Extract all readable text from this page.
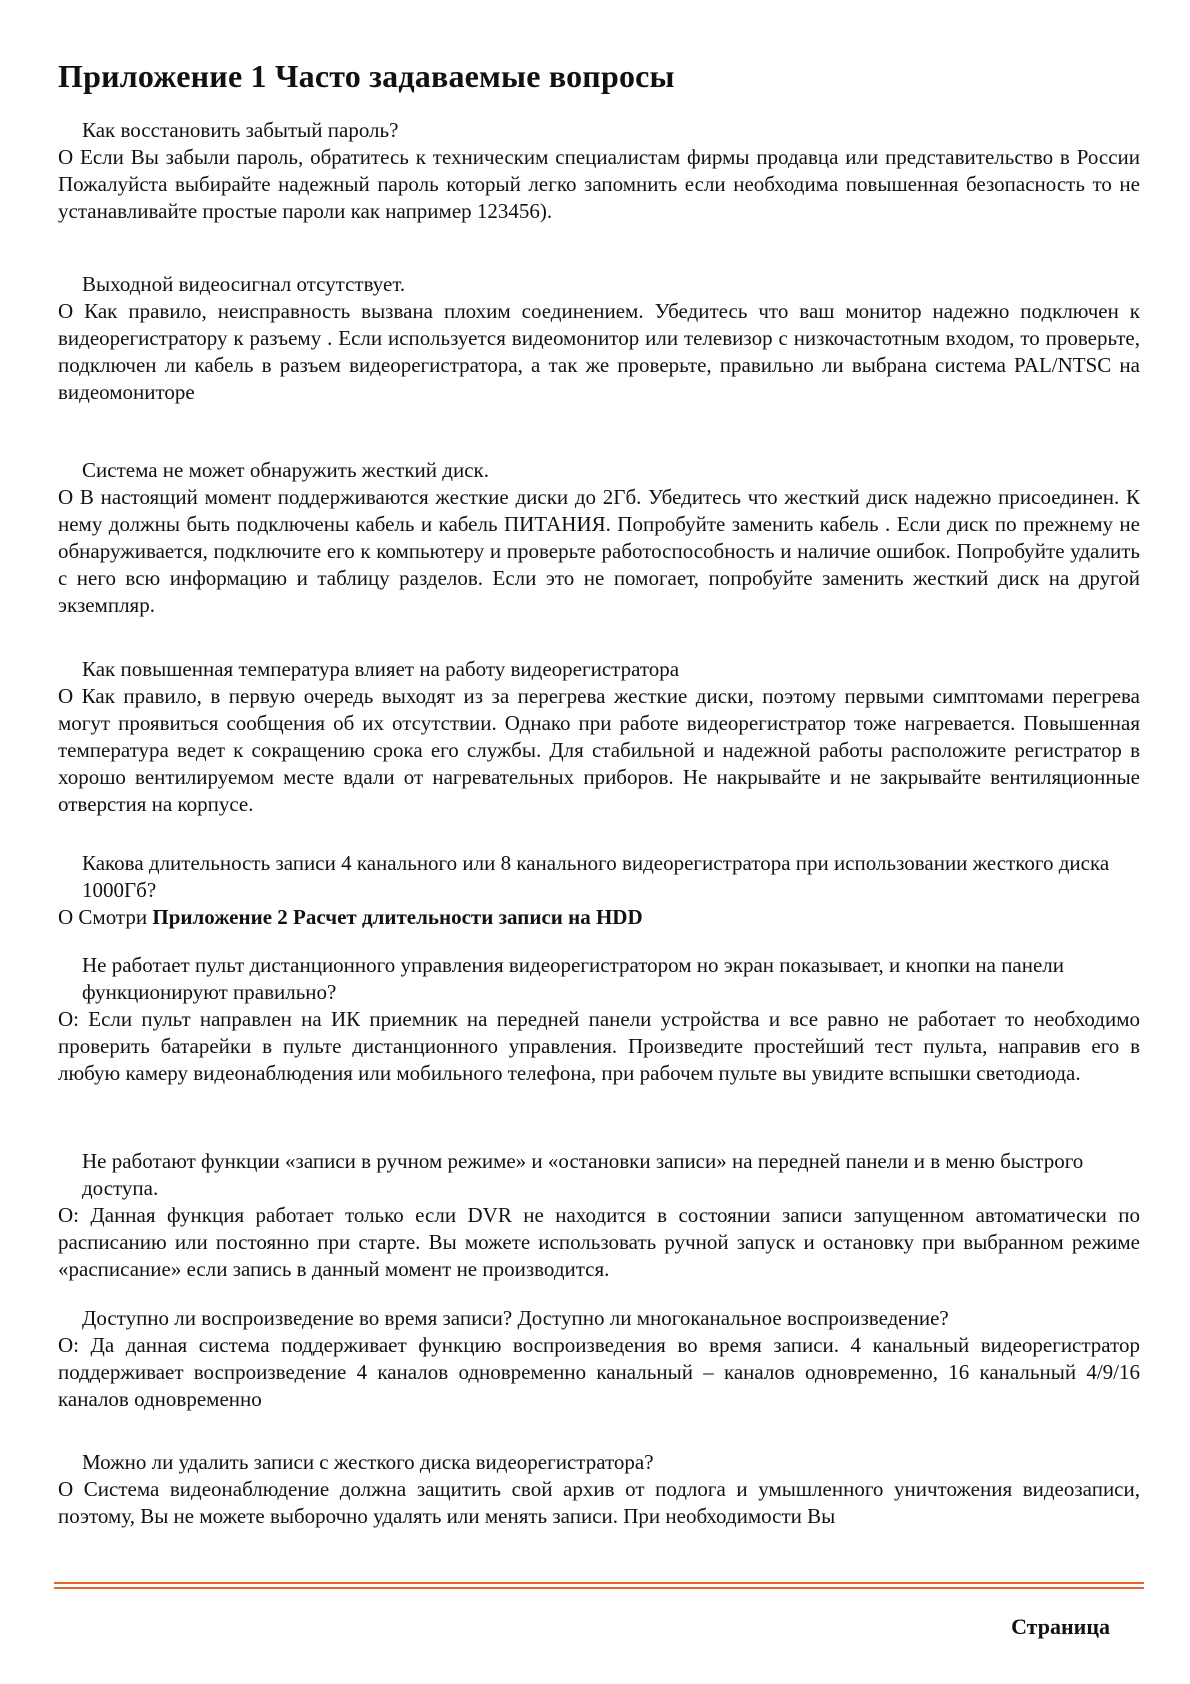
Приложение 1 Часто задаваемые вопросы
Как восстановить забытый пароль?
О Если Вы забыли пароль, обратитесь к техническим специалистам фирмы продавца или представительство в России Пожалуйста выбирайте надежный пароль который легко запомнить если необходима повышенная безопасность то не устанавливайте простые пароли как например 123456).
Выходной видеосигнал отсутствует.
О Как правило, неисправность вызвана плохим соединением. Убедитесь что ваш монитор надежно подключен к видеорегистратору к разъему . Если используется видеомонитор или телевизор с низкочастотным входом, то проверьте, подключен ли кабель в разъем видеорегистратора, а так же проверьте, правильно ли выбрана система PAL/NTSC на видеомониторе
Система не может обнаружить жесткий диск.
О В настоящий момент поддерживаются жесткие диски до 2Гб. Убедитесь что жесткий диск надежно присоединен. К нему должны быть подключены кабель и кабель ПИТАНИЯ. Попробуйте заменить кабель . Если диск по прежнему не обнаруживается, подключите его к компьютеру и проверьте работоспособность и наличие ошибок. Попробуйте удалить с него всю информацию и таблицу разделов. Если это не помогает, попробуйте заменить жесткий диск на другой экземпляр.
Как повышенная температура влияет на работу видеорегистратора
О Как правило, в первую очередь выходят из за перегрева жесткие диски, поэтому первыми симптомами перегрева могут проявиться сообщения об их отсутствии. Однако при работе видеорегистратор тоже нагревается. Повышенная температура ведет к сокращению срока его службы. Для стабильной и надежной работы расположите регистратор в хорошо вентилируемом месте вдали от нагревательных приборов. Не накрывайте и не закрывайте вентиляционные отверстия на корпусе.
Какова длительность записи 4 канального или 8 канального видеорегистратора при использовании жесткого диска 1000Гб?
О Смотри Приложение 2 Расчет длительности записи на HDD
Не работает пульт дистанционного управления видеорегистратором но экран показывает, и кнопки на панели функционируют правильно?
О: Если пульт направлен на ИК приемник на передней панели устройства и все равно не работает то необходимо проверить батарейки в пульте дистанционного управления. Произведите простейший тест пульта, направив его в любую камеру видеонаблюдения или мобильного телефона, при рабочем пульте вы увидите вспышки светодиода.
Не работают функции «записи в ручном режиме» и «остановки записи» на передней панели и в меню быстрого доступа.
О: Данная функция работает только если DVR не находится в состоянии записи запущенном автоматически по расписанию или постоянно при старте. Вы можете использовать ручной запуск и остановку при выбранном режиме «расписание» если запись в данный момент не производится.
Доступно ли воспроизведение во время записи? Доступно ли многоканальное воспроизведение?
О: Да данная система поддерживает функцию воспроизведения во время записи. 4 канальный видеорегистратор поддерживает воспроизведение 4 каналов одновременно канальный – каналов одновременно, 16 канальный 4/9/16 каналов одновременно
Можно ли удалить записи с жесткого диска видеорегистратора?
О Система видеонаблюдение должна защитить свой архив от подлога и умышленного уничтожения видеозаписи, поэтому, Вы не можете выборочно удалять или менять записи. При необходимости Вы
Страница
